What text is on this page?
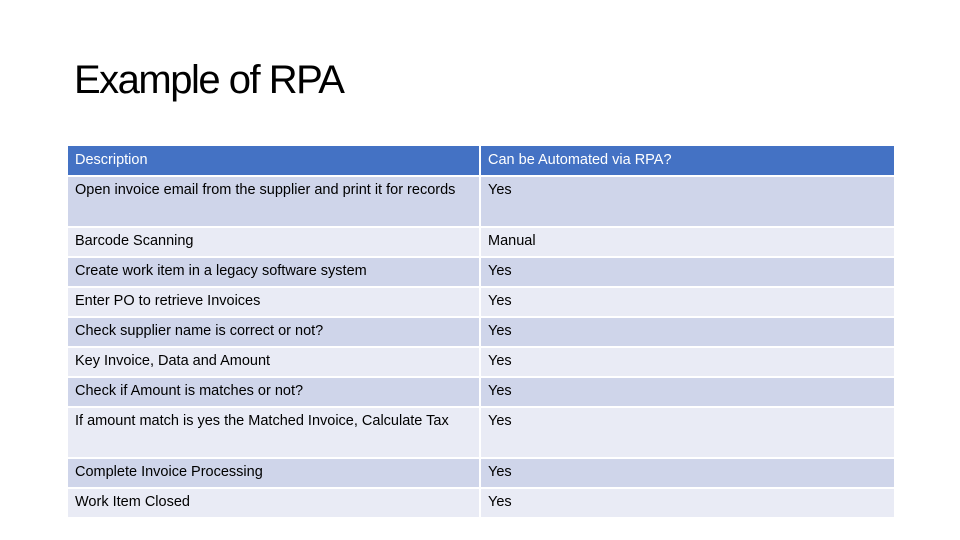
Example of RPA
Description	Can be Automated via RPA?
Open invoice email from the supplier and print it for records	Yes
Barcode Scanning	Manual
Create work item in a legacy software system	Yes
Enter PO to retrieve Invoices	Yes
Check supplier name is correct or not?	Yes
Key Invoice, Data and Amount	Yes
Check if Amount is matches or not?	Yes
If amount match is yes the Matched Invoice, Calculate Tax	Yes
Complete Invoice Processing	Yes
Work Item Closed	Yes
